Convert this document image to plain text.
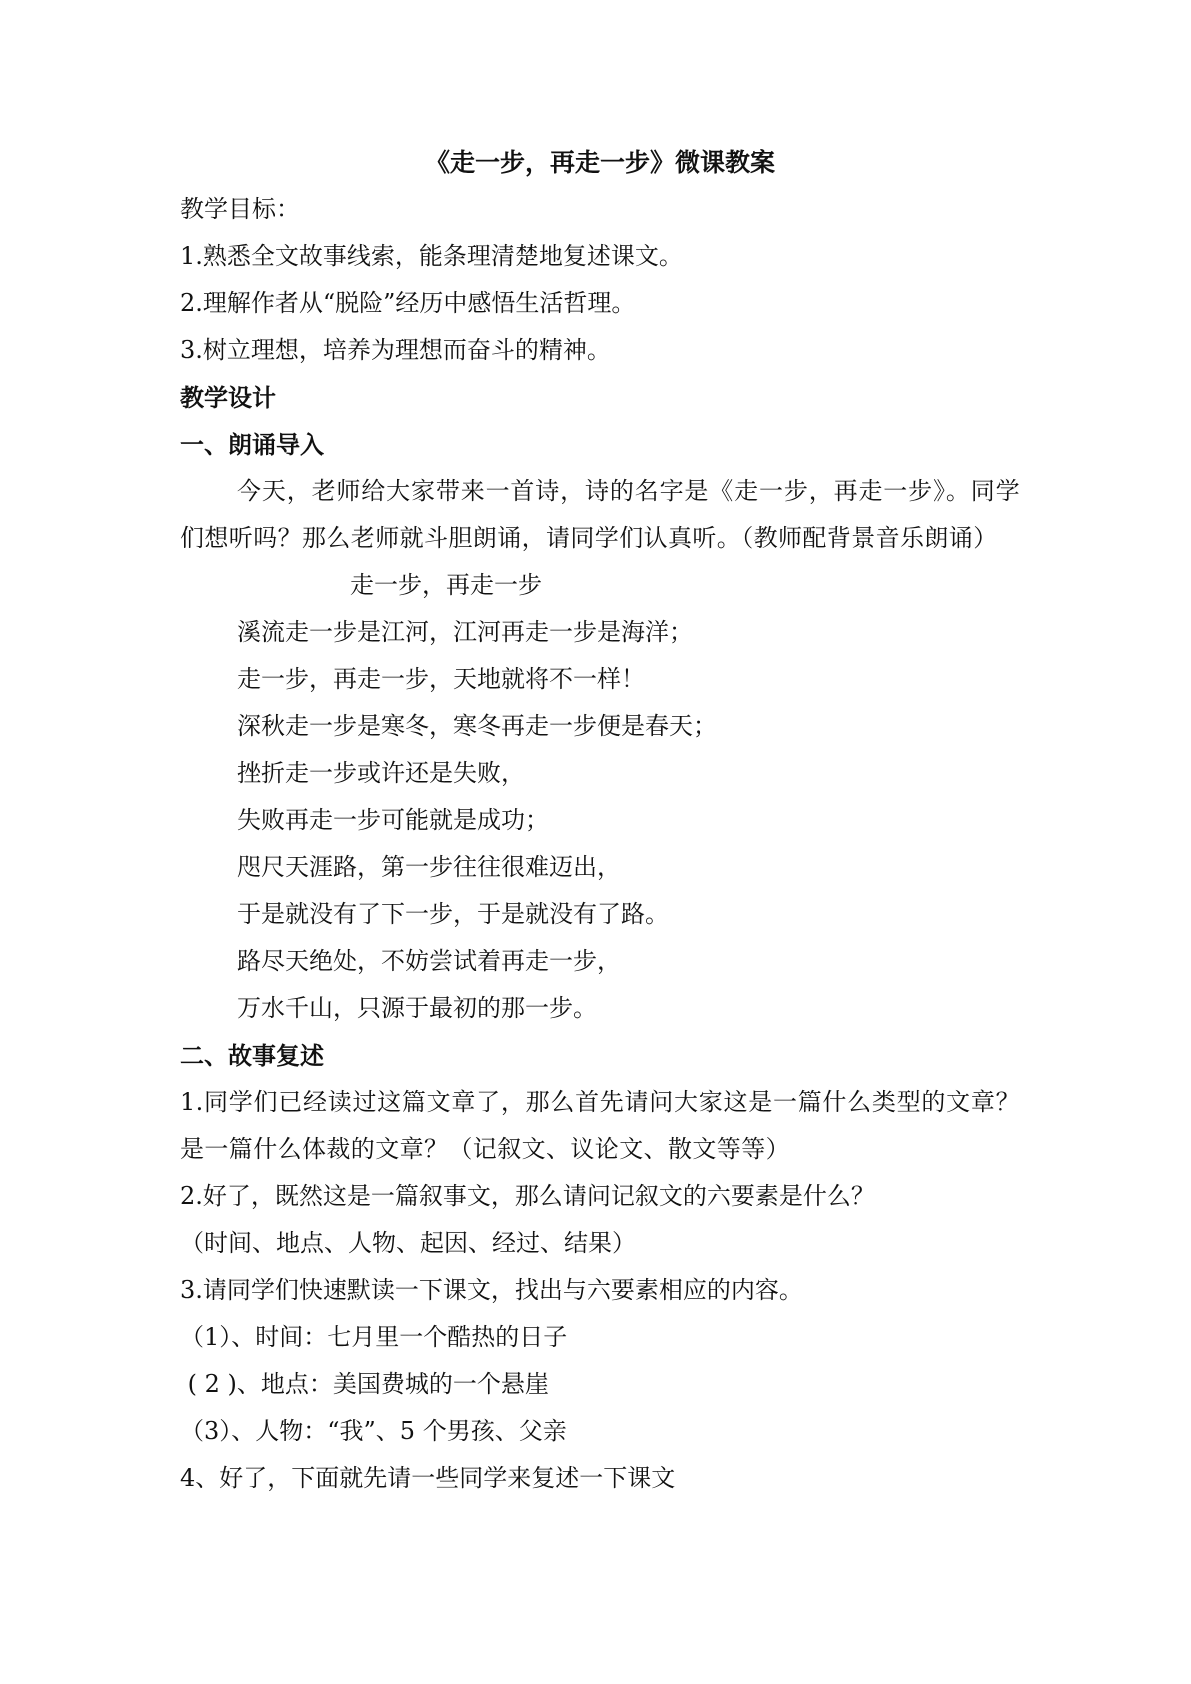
《走一步，再走一步》微课教案
教学目标：
1.熟悉全文故事线索，能条理清楚地复述课文。
2.理解作者从“脱险”经历中感悟生活哲理。
3.树立理想，培养为理想而奋斗的精神。
教学设计
一、朗诵导入
今天，老师给大家带来一首诗，诗的名字是《走一步，再走一步》。同学们想听吗？那么老师就斗胆朗诵，请同学们认真听。（教师配背景音乐朗诵）
走一步，再走一步
溪流走一步是江河，江河再走一步是海洋；
走一步，再走一步，天地就将不一样！
深秋走一步是寒冬，寒冬再走一步便是春天；
挫折走一步或许还是失败，
失败再走一步可能就是成功；
咫尺天涯路，第一步往往很难迈出，
于是就没有了下一步，于是就没有了路。
路尽天绝处，不妨尝试着再走一步，
万水千山，只源于最初的那一步。
二、故事复述
1.同学们已经读过这篇文章了，那么首先请问大家这是一篇什么类型的文章？是一篇什么体裁的文章？（记叙文、议论文、散文等等）
2.好了，既然这是一篇叙事文，那么请问记叙文的六要素是什么？
（时间、地点、人物、起因、经过、结果）
3.请同学们快速默读一下课文，找出与六要素相应的内容。
（1）、时间：七月里一个酷热的日子
( 2 )、地点：美国费城的一个悬崖
（3）、人物：“我”、5 个男孩、父亲
4、好了，下面就先请一些同学来复述一下课文
